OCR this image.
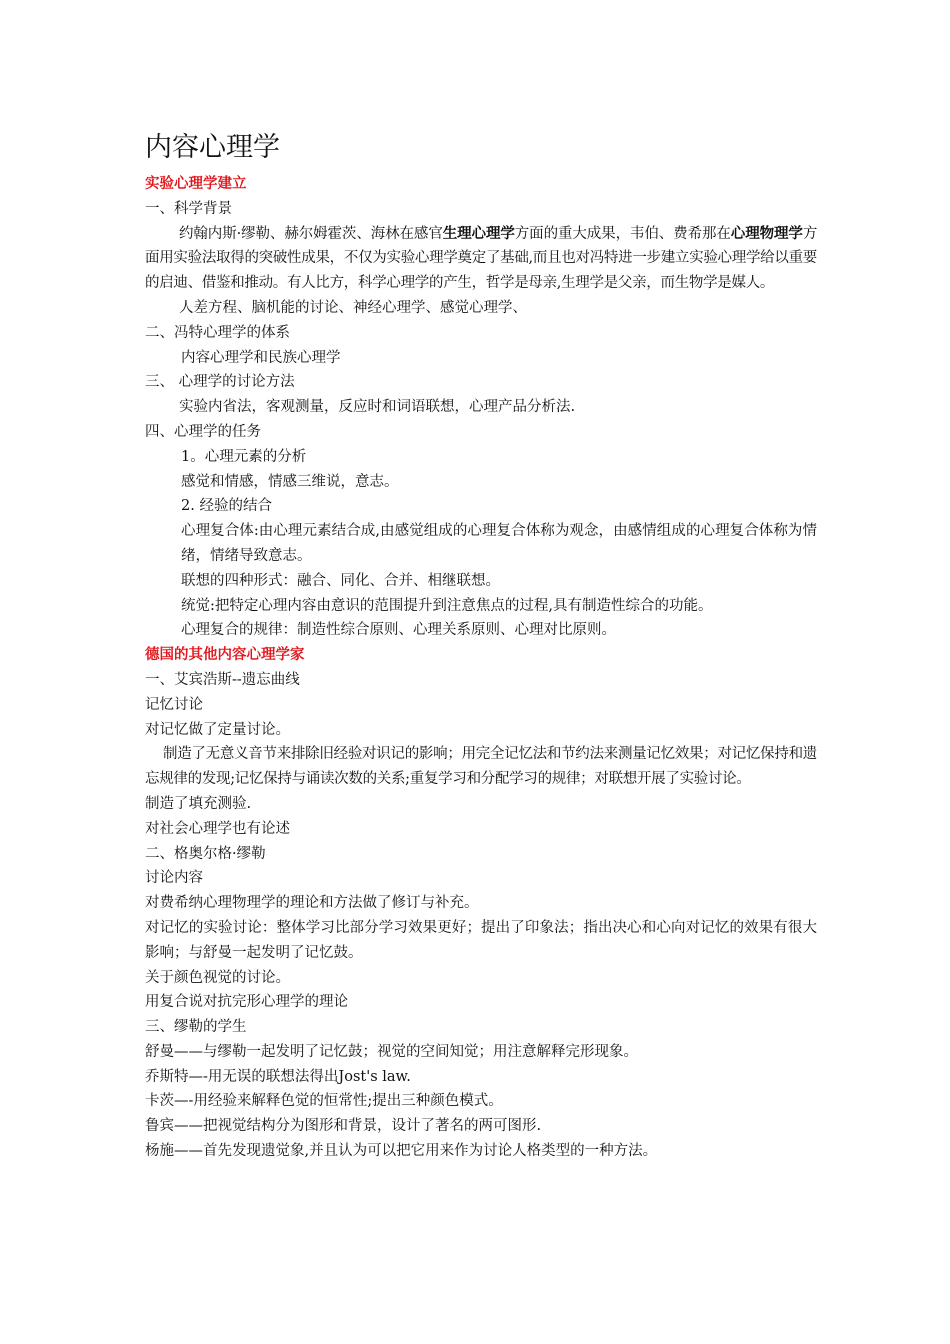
内容心理学
实验心理学建立
一、科学背景
约翰内斯·缪勒、赫尔姆霍茨、海林在感官生理心理学方面的重大成果，韦伯、费希那在心理物理学方面用实验法取得的突破性成果，不仅为实验心理学奠定了基础,而且也对冯特进一步建立实验心理学给以重要的启迪、借鉴和推动。有人比方，科学心理学的产生，哲学是母亲,生理学是父亲，而生物学是媒人。
人差方程、脑机能的讨论、神经心理学、感觉心理学、
二、冯特心理学的体系
内容心理学和民族心理学
三、 心理学的讨论方法
实验内省法，客观测量，反应时和词语联想，心理产品分析法.
四、心理学的任务
1。心理元素的分析
感觉和情感，情感三维说，意志。
2. 经验的结合
心理复合体:由心理元素结合成,由感觉组成的心理复合体称为观念，由感情组成的心理复合体称为情绪，情绪导致意志。
联想的四种形式：融合、同化、合并、相继联想。
统觉:把特定心理内容由意识的范围提升到注意焦点的过程,具有制造性综合的功能。
心理复合的规律：制造性综合原则、心理关系原则、心理对比原则。
德国的其他内容心理学家
一、艾宾浩斯--遗忘曲线
记忆讨论
对记忆做了定量讨论。
制造了无意义音节来排除旧经验对识记的影响；用完全记忆法和节约法来测量记忆效果；对记忆保持和遗忘规律的发现;记忆保持与诵读次数的关系;重复学习和分配学习的规律；对联想开展了实验讨论。
制造了填充测验.
对社会心理学也有论述
二、格奥尔格·缪勒
讨论内容
对费希纳心理物理学的理论和方法做了修订与补充。
对记忆的实验讨论：整体学习比部分学习效果更好；提出了印象法；指出决心和心向对记忆的效果有很大影响；与舒曼一起发明了记忆鼓。
关于颜色视觉的讨论。
用复合说对抗完形心理学的理论
三、缪勒的学生
舒曼——与缪勒一起发明了记忆鼓；视觉的空间知觉；用注意解释完形现象。
乔斯特—-用无误的联想法得出Jost's law.
卡茨—-用经验来解释色觉的恒常性;提出三种颜色模式。
鲁宾——把视觉结构分为图形和背景，设计了著名的两可图形.
杨施——首先发现遗觉象,并且认为可以把它用来作为讨论人格类型的一种方法。
